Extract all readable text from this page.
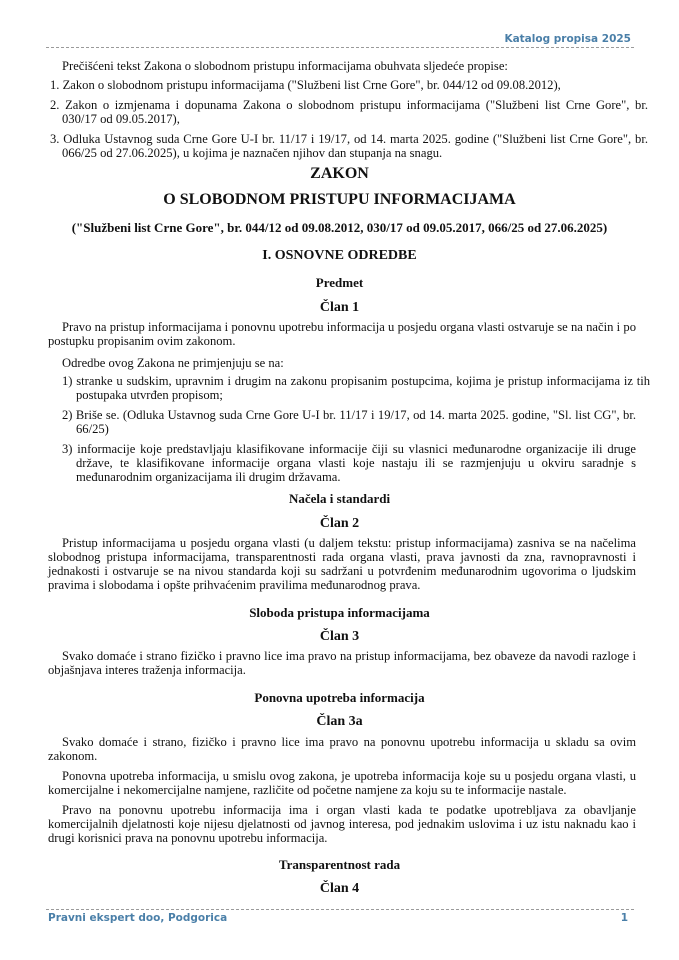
Katalog propisa 2025
Prečišćeni tekst Zakona o slobodnom pristupu informacijama obuhvata sljedeće propise:
1. Zakon o slobodnom pristupu informacijama ("Službeni list Crne Gore", br. 044/12 od 09.08.2012),
2. Zakon o izmjenama i dopunama Zakona o slobodnom pristupu informacijama ("Službeni list Crne Gore", br. 030/17 od 09.05.2017),
3. Odluka Ustavnog suda Crne Gore U-I br. 11/17 i 19/17, od 14. marta 2025. godine ("Službeni list Crne Gore", br. 066/25 od 27.06.2025), u kojima je naznačen njihov dan stupanja na snagu.
ZAKON
O SLOBODNOM PRISTUPU INFORMACIJAMA
("Službeni list Crne Gore", br. 044/12 od 09.08.2012, 030/17 od 09.05.2017, 066/25 od 27.06.2025)
I. OSNOVNE ODREDBE
Predmet
Član 1
Pravo na pristup informacijama i ponovnu upotrebu informacija u posjedu organa vlasti ostvaruje se na način i po postupku propisanim ovim zakonom.
Odredbe ovog Zakona ne primjenjuju se na:
1) stranke u sudskim, upravnim i drugim na zakonu propisanim postupcima, kojima je pristup informacijama iz tih postupaka utvrđen propisom;
2) Briše se. (Odluka Ustavnog suda Crne Gore U-I br. 11/17 i 19/17, od 14. marta 2025. godine, "Sl. list CG", br. 66/25)
3) informacije koje predstavljaju klasifikovane informacije čiji su vlasnici međunarodne organizacije ili druge države, te klasifikovane informacije organa vlasti koje nastaju ili se razmjenjuju u okviru saradnje s međunarodnim organizacijama ili drugim državama.
Načela i standardi
Član 2
Pristup informacijama u posjedu organa vlasti (u daljem tekstu: pristup informacijama) zasniva se na načelima slobodnog pristupa informacijama, transparentnosti rada organa vlasti, prava javnosti da zna, ravnopravnosti i jednakosti i ostvaruje se na nivou standarda koji su sadržani u potvrđenim međunarodnim ugovorima o ljudskim pravima i slobodama i opšte prihvaćenim pravilima međunarodnog prava.
Sloboda pristupa informacijama
Član 3
Svako domaće i strano fizičko i pravno lice ima pravo na pristup informacijama, bez obaveze da navodi razloge i objašnjava interes traženja informacija.
Ponovna upotreba informacija
Član 3a
Svako domaće i strano, fizičko i pravno lice ima pravo na ponovnu upotrebu informacija u skladu sa ovim zakonom.
Ponovna upotreba informacija, u smislu ovog zakona, je upotreba informacija koje su u posjedu organa vlasti, u komercijalne i nekomercijalne namjene, različite od početne namjene za koju su te informacije nastale.
Pravo na ponovnu upotrebu informacija ima i organ vlasti kada te podatke upotrebljava za obavljanje komercijalnih djelatnosti koje nijesu djelatnosti od javnog interesa, pod jednakim uslovima i uz istu naknadu kao i drugi korisnici prava na ponovnu upotrebu informacija.
Transparentnost rada
Član 4
Pravni ekspert doo, Podgorica	1
